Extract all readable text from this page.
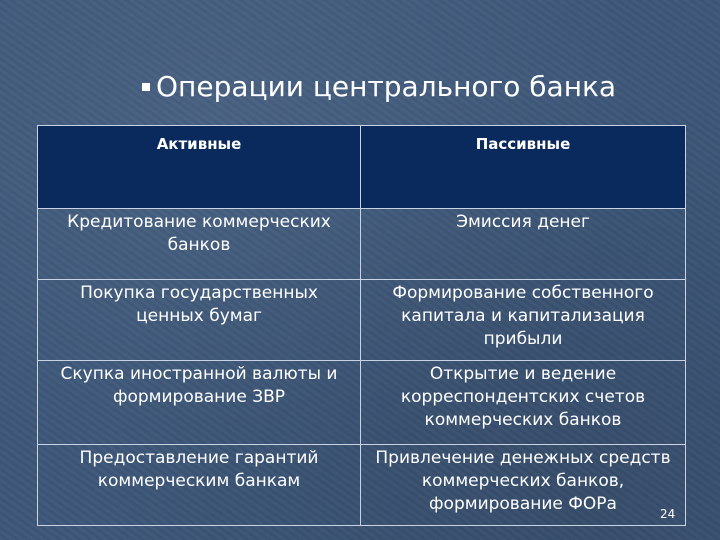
Операции центрального банка
Активные	Пассивные
Кредитование коммерческих банков	Эмиссия денег
Покупка государственных ценных бумаг	Формирование собственного капитала и капитализация прибыли
Скупка иностранной валюты и формирование ЗВР	Открытие и ведение корреспондентских счетов коммерческих банков
Предоставление гарантий коммерческим банкам	Привлечение денежных средств коммерческих банков, формирование ФОРа	24
